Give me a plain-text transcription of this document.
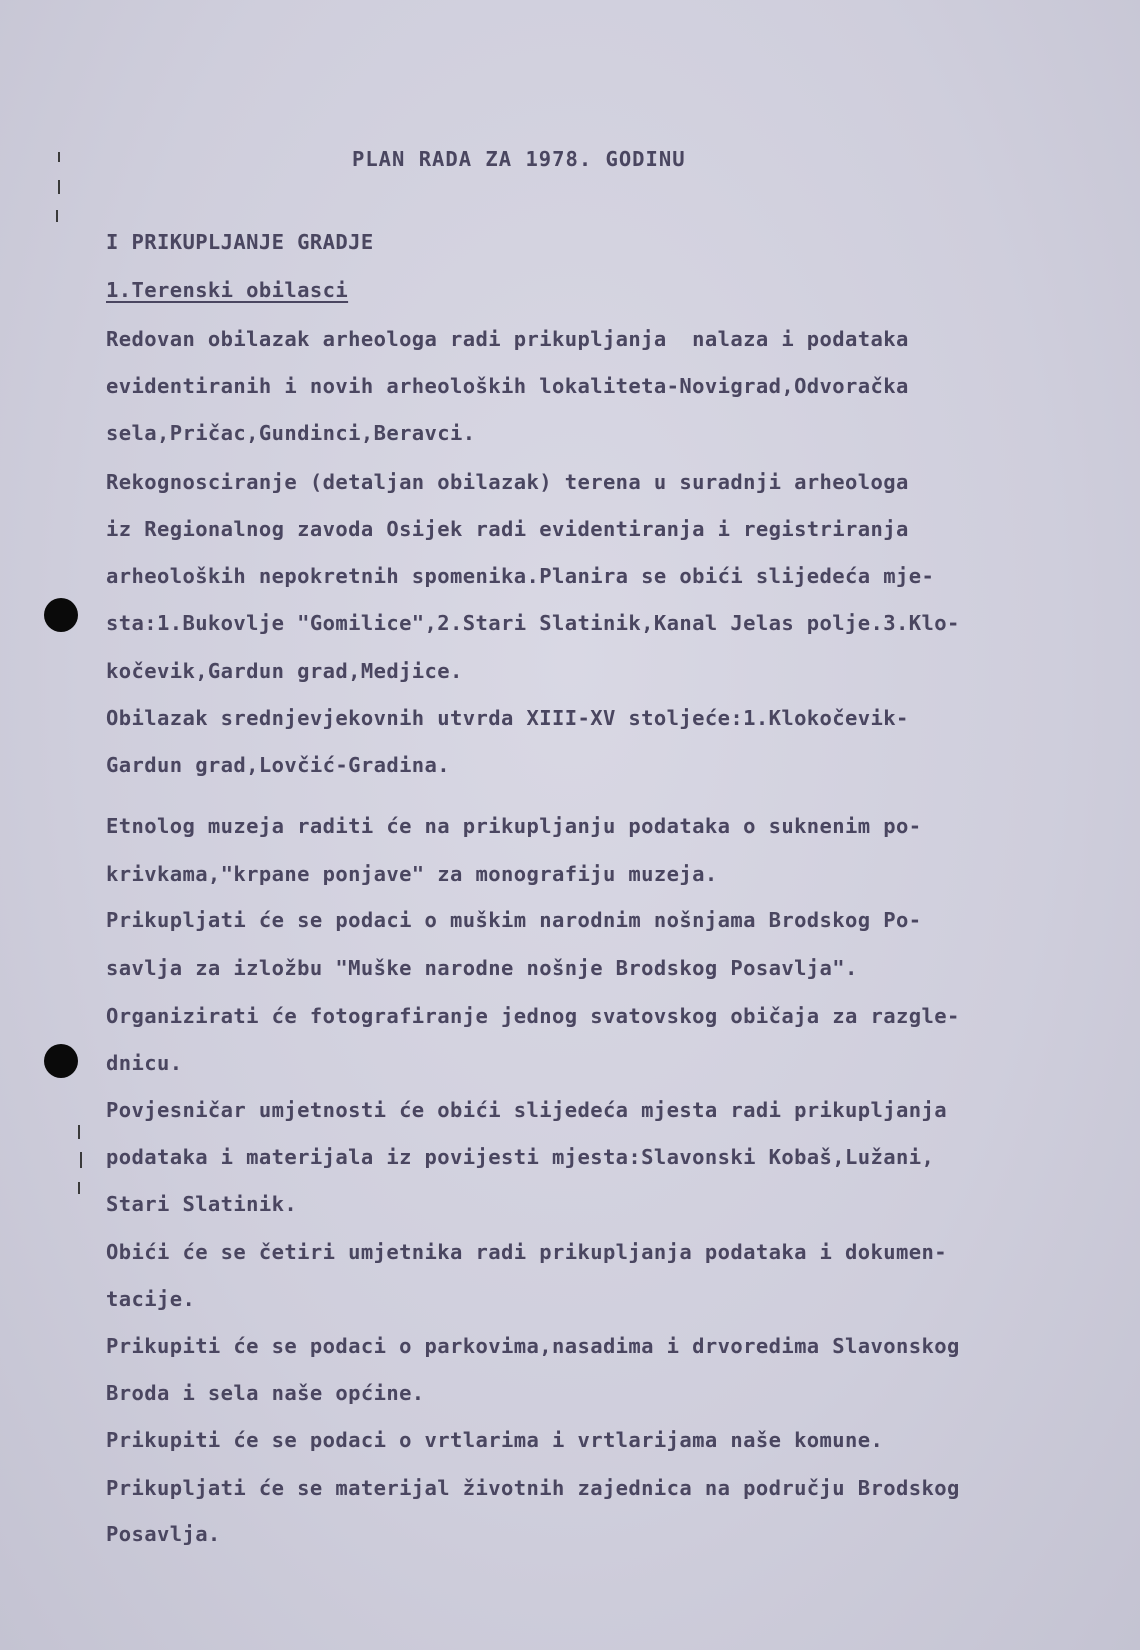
PLAN RADA ZA 1978. GODINU

I PRIKUPLJANJE GRADJE

1.Terenski obilasci

Redovan obilazak arheologa radi prikupljanja  nalaza i podataka

evidentiranih i novih arheoloških lokaliteta-Novigrad,Odvoračka

sela,Pričac,Gundinci,Beravci.

Rekognosciranje (detaljan obilazak) terena u suradnji arheologa

iz Regionalnog zavoda Osijek radi evidentiranja i registriranja

arheoloških nepokretnih spomenika.Planira se obići slijedeća mje-

sta:1.Bukovlje "Gomilice",2.Stari Slatinik,Kanal Jelas polje.3.Klo-

kočevik,Gardun grad,Medjice.

Obilazak srednjevjekovnih utvrda XIII-XV stoljeće:1.Klokočevik-

Gardun grad,Lovčić-Gradina.

Etnolog muzeja raditi će na prikupljanju podataka o suknenim po-

krivkama,"krpane ponjave" za monografiju muzeja.

Prikupljati će se podaci o muškim narodnim nošnjama Brodskog Po-

savlja za izložbu "Muške narodne nošnje Brodskog Posavlja".

Organizirati će fotografiranje jednog svatovskog običaja za razgle-

dnicu.

Povjesničar umjetnosti će obići slijedeća mjesta radi prikupljanja

podataka i materijala iz povijesti mjesta:Slavonski Kobaš,Lužani,

Stari Slatinik.

Obići će se četiri umjetnika radi prikupljanja podataka i dokumen-

tacije.

Prikupiti će se podaci o parkovima,nasadima i drvoredima Slavonskog

Broda i sela naše općine.

Prikupiti će se podaci o vrtlarima i vrtlarijama naše komune.

Prikupljati će se materijal životnih zajednica na području Brodskog

Posavlja.
